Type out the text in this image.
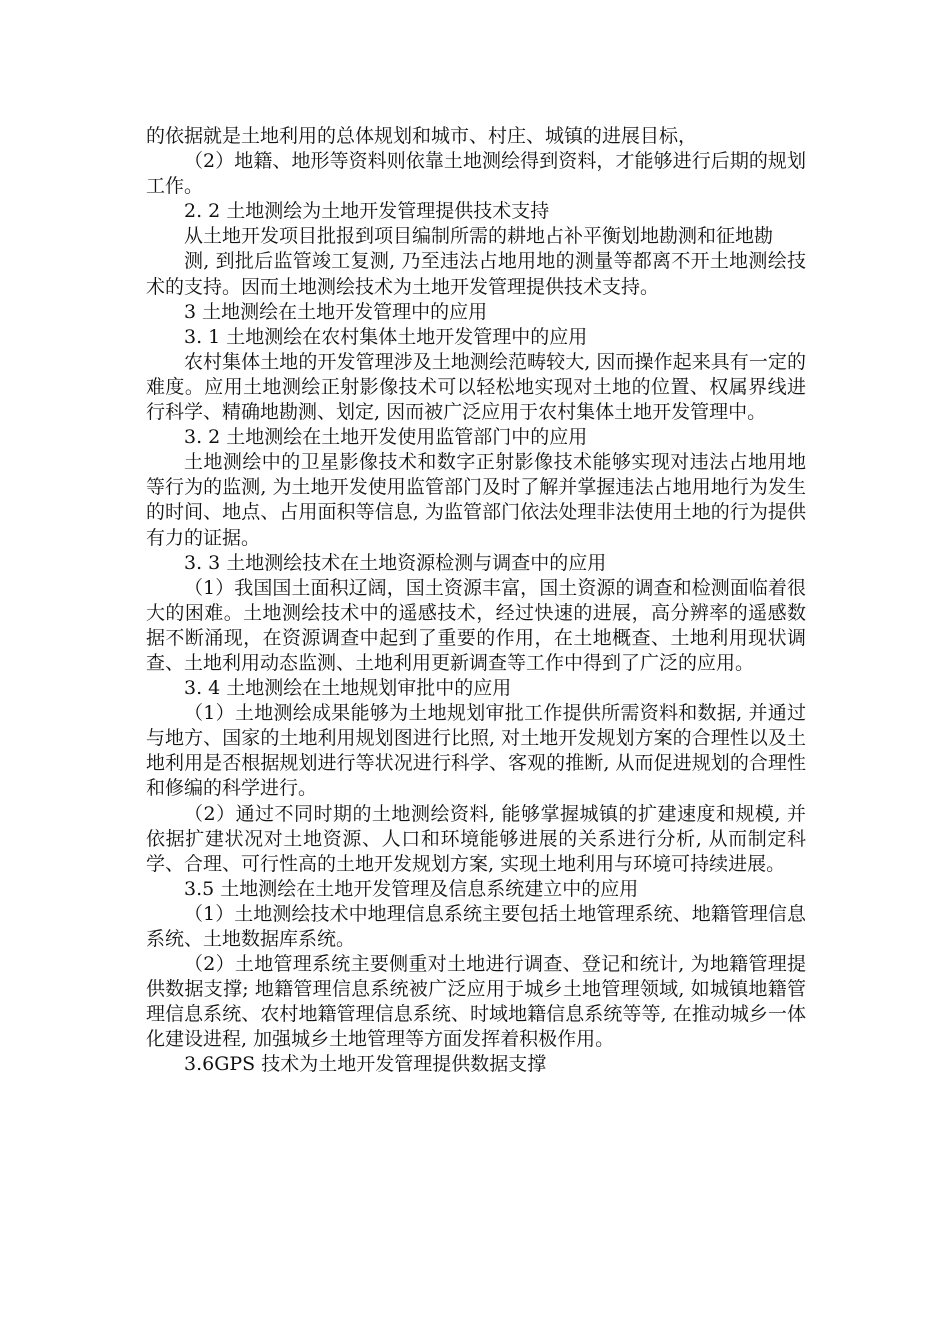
的依据就是土地利用的总体规划和城市、村庄、城镇的进展目标，

（2）地籍、地形等资料则依靠土地测绘得到资料，才能够进行后期的规划工作。

2. 2 土地测绘为土地开发管理提供技术支持

从土地开发项目批报到项目编制所需的耕地占补平衡划地勘测和征地勘

测, 到批后监管竣工复测, 乃至违法占地用地的测量等都离不开土地测绘技术的支持。因而土地测绘技术为土地开发管理提供技术支持。

3 土地测绘在土地开发管理中的应用

3. 1 土地测绘在农村集体土地开发管理中的应用

农村集体土地的开发管理涉及土地测绘范畴较大, 因而操作起来具有一定的难度。应用土地测绘正射影像技术可以轻松地实现对土地的位置、权属界线进行科学、精确地勘测、划定, 因而被广泛应用于农村集体土地开发管理中。

3. 2 土地测绘在土地开发使用监管部门中的应用

土地测绘中的卫星影像技术和数字正射影像技术能够实现对违法占地用地等行为的监测, 为土地开发使用监管部门及时了解并掌握违法占地用地行为发生的时间、地点、占用面积等信息, 为监管部门依法处理非法使用土地的行为提供有力的证据。

3. 3 土地测绘技术在土地资源检测与调查中的应用

（1）我国国土面积辽阔，国土资源丰富，国土资源的调查和检测面临着很大的困难。土地测绘技术中的遥感技术，经过快速的进展，高分辨率的遥感数据不断涌现，在资源调查中起到了重要的作用，在土地概查、土地利用现状调查、土地利用动态监测、土地利用更新调查等工作中得到了广泛的应用。

3. 4 土地测绘在土地规划审批中的应用

（1）土地测绘成果能够为土地规划审批工作提供所需资料和数据, 并通过与地方、国家的土地利用规划图进行比照, 对土地开发规划方案的合理性以及土地利用是否根据规划进行等状况进行科学、客观的推断, 从而促进规划的合理性和修编的科学进行。

（2）通过不同时期的土地测绘资料, 能够掌握城镇的扩建速度和规模, 并依据扩建状况对土地资源、人口和环境能够进展的关系进行分析, 从而制定科学、合理、可行性高的土地开发规划方案, 实现土地利用与环境可持续进展。

3.5 土地测绘在土地开发管理及信息系统建立中的应用

（1）土地测绘技术中地理信息系统主要包括土地管理系统、地籍管理信息系统、土地数据库系统。

（2）土地管理系统主要侧重对土地进行调查、登记和统计, 为地籍管理提供数据支撑; 地籍管理信息系统被广泛应用于城乡土地管理领域, 如城镇地籍管理信息系统、农村地籍管理信息系统、时域地籍信息系统等等, 在推动城乡一体化建设进程, 加强城乡土地管理等方面发挥着积极作用。

3.6GPS 技术为土地开发管理提供数据支撑
